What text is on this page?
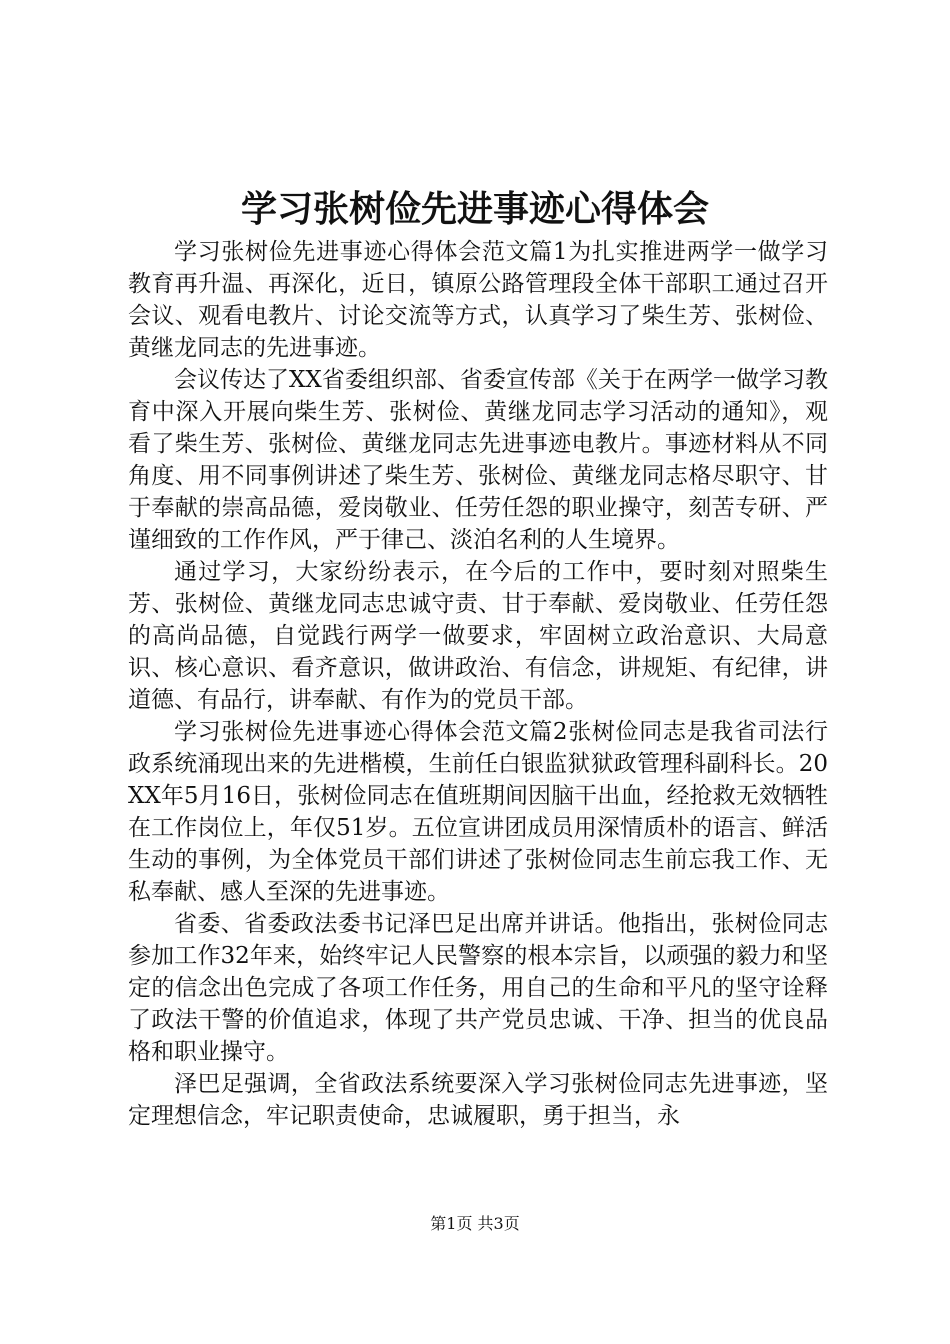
学习张树俭先进事迹心得体会

学习张树俭先进事迹心得体会范文篇1为扎实推进两学一做学习教育再升温、再深化，近日，镇原公路管理段全体干部职工通过召开会议、观看电教片、讨论交流等方式，认真学习了柴生芳、张树俭、黄继龙同志的先进事迹。

会议传达了XX省委组织部、省委宣传部《关于在两学一做学习教育中深入开展向柴生芳、张树俭、黄继龙同志学习活动的通知》，观看了柴生芳、张树俭、黄继龙同志先进事迹电教片。事迹材料从不同角度、用不同事例讲述了柴生芳、张树俭、黄继龙同志格尽职守、甘于奉献的崇高品德，爱岗敬业、任劳任怨的职业操守，刻苦专研、严谨细致的工作作风，严于律己、淡泊名利的人生境界。

通过学习，大家纷纷表示，在今后的工作中，要时刻对照柴生芳、张树俭、黄继龙同志忠诚守责、甘于奉献、爱岗敬业、任劳任怨的高尚品德，自觉践行两学一做要求，牢固树立政治意识、大局意识、核心意识、看齐意识，做讲政治、有信念，讲规矩、有纪律，讲道德、有品行，讲奉献、有作为的党员干部。

学习张树俭先进事迹心得体会范文篇2张树俭同志是我省司法行政系统涌现出来的先进楷模，生前任白银监狱狱政管理科副科长。20XX年5月16日，张树俭同志在值班期间因脑干出血，经抢救无效牺牲在工作岗位上，年仅51岁。五位宣讲团成员用深情质朴的语言、鲜活生动的事例，为全体党员干部们讲述了张树俭同志生前忘我工作、无私奉献、感人至深的先进事迹。

省委、省委政法委书记泽巴足出席并讲话。他指出，张树俭同志参加工作32年来，始终牢记人民警察的根本宗旨，以顽强的毅力和坚定的信念出色完成了各项工作任务，用自己的生命和平凡的坚守诠释了政法干警的价值追求，体现了共产党员忠诚、干净、担当的优良品格和职业操守。

泽巴足强调，全省政法系统要深入学习张树俭同志先进事迹，坚定理想信念，牢记职责使命，忠诚履职，勇于担当，永

第1页 共3页
